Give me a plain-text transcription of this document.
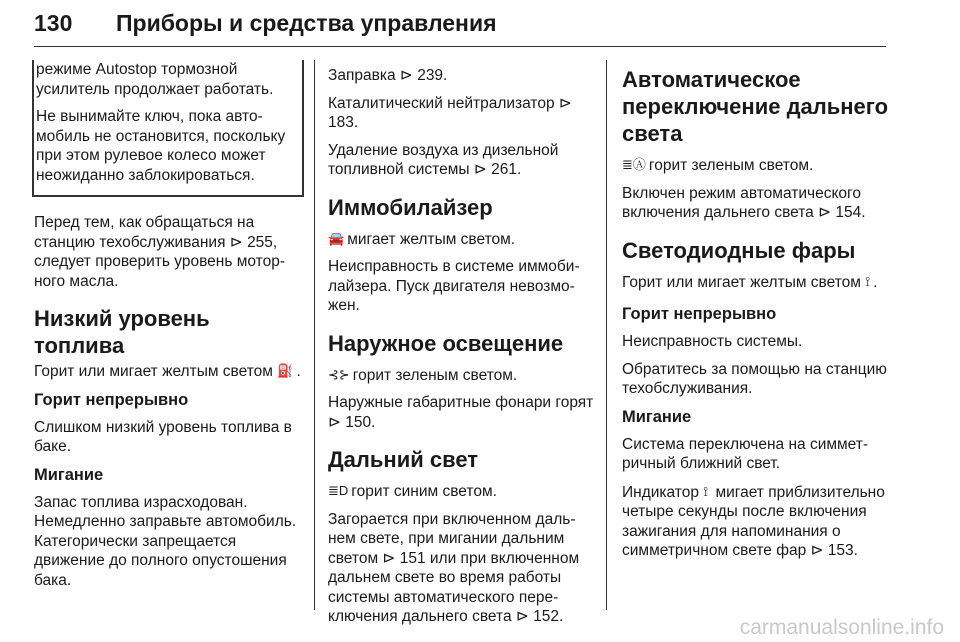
130 Приборы и средства управления

режиме Autostop тормозной усилитель продолжает работать.

Не вынимайте ключ, пока автомобиль не остановится, поскольку при этом рулевое колесо может неожиданно заблокироваться.

Перед тем, как обращаться на станцию техобслуживания ⊳ 255, следует проверить уровень моторного масла.

Низкий уровень топлива

Горит или мигает желтым светом ⛽ .

Горит непрерывно

Слишком низкий уровень топлива в баке.

Мигание

Запас топлива израсходован. Немедленно заправьте автомобиль. Категорически запрещается движение до полного опустошения бака.

Заправка ⊳ 239.

Каталитический нейтрализатор ⊳ 183.

Удаление воздуха из дизельной топливной системы ⊳ 261.

Иммобилайзер

🚘 мигает желтым светом.

Неисправность в системе иммобилайзера. Пуск двигателя невозможен.

Наружное освещение

⊰⊱ горит зеленым светом.

Наружные габаритные фонари горят ⊳ 150.

Дальний свет

≣D горит синим светом.

Загорается при включенном дальнем свете, при мигании дальним светом ⊳ 151 или при включенном дальнем свете во время работы системы автоматического переключения дальнего света ⊳ 152.

Автоматическое переключение дальнего света

≣Ⓐ горит зеленым светом.

Включен режим автоматического включения дальнего света ⊳ 154.

Светодиодные фары

Горит или мигает желтым светом ⟟ .

Горит непрерывно

Неисправность системы.

Обратитесь за помощью на станцию техобслуживания.

Мигание

Система переключена на симметричный ближний свет.

Индикатор ⟟ мигает приблизительно четыре секунды после включения зажигания для напоминания о симметричном свете фар ⊳ 153.

carmanualsonline.info
